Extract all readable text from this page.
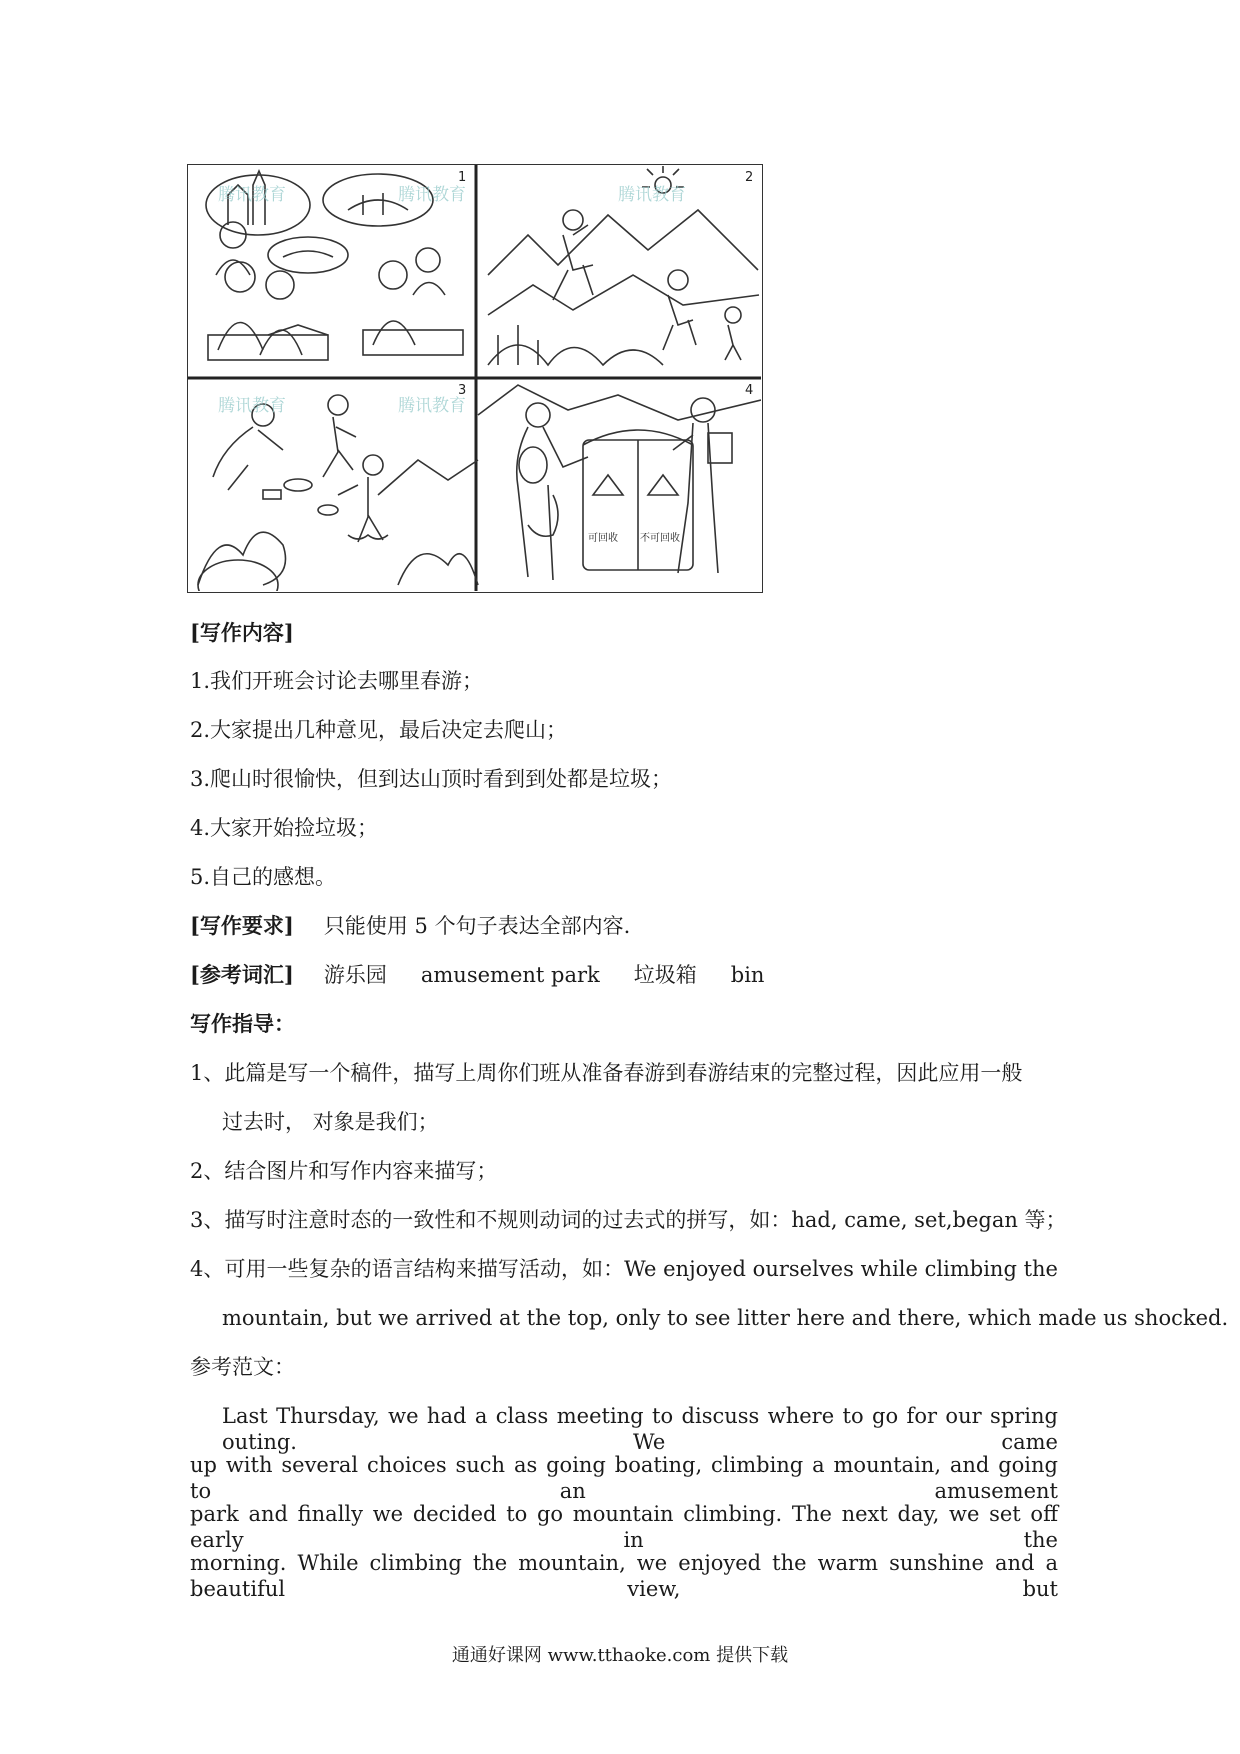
1
腾讯教育	腾讯教育
2
腾讯教育
3
腾讯教育	腾讯教育
4
可回收 不可回收
[写作内容]
1.我们开班会讨论去哪里春游；
2.大家提出几种意见，最后决定去爬山；
3.爬山时很愉快，但到达山顶时看到到处都是垃圾；
4.大家开始捡垃圾；
5.自己的感想。
[写作要求] 只能使用 5 个句子表达全部内容.
[参考词汇] 游乐园 amusement park 垃圾箱 bin
写作指导：
1、此篇是写一个稿件，描写上周你们班从准备春游到春游结束的完整过程，因此应用一般
过去时， 对象是我们；
2、结合图片和写作内容来描写；
3、描写时注意时态的一致性和不规则动词的过去式的拼写，如：had, came, set,began 等；
4、可用一些复杂的语言结构来描写活动，如：We enjoyed ourselves while climbing the
mountain, but we arrived at the top, only to see litter here and there, which made us shocked.
参考范文：
Last Thursday, we had a class meeting to discuss where to go for our spring outing. We came
up with several choices such as going boating, climbing a mountain, and going to an amusement
park and finally we decided to go mountain climbing. The next day, we set off early in the
morning. While climbing the mountain, we enjoyed the warm sunshine and a beautiful view, but
通通好课网 www.tthaoke.com 提供下载
